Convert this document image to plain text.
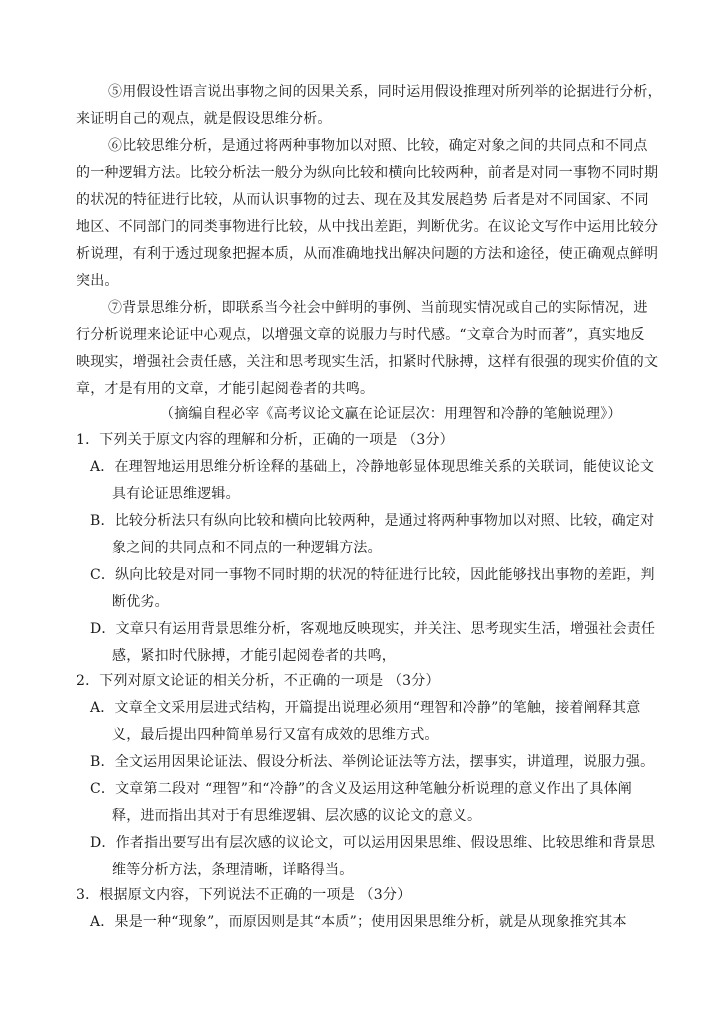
⑤用假设性语言说出事物之间的因果关系，同时运用假设推理对所列举的论据进行分析，
来证明自己的观点，就是假设思维分析。
⑥比较思维分析，是通过将两种事物加以对照、比较，确定对象之间的共同点和不同点
的一种逻辑方法。比较分析法一般分为纵向比较和横向比较两种，前者是对同一事物不同时期
的状况的特征进行比较，从而认识事物的过去、现在及其发展趋势 后者是对不同国家、不同
地区、不同部门的同类事物进行比较，从中找出差距，判断优劣。在议论文写作中运用比较分
析说理，有利于透过现象把握本质，从而准确地找出解决问题的方法和途径，使正确观点鲜明
突出。
⑦背景思维分析，即联系当今社会中鲜明的事例、当前现实情况或自己的实际情况，进
行分析说理来论证中心观点，以增强文章的说服力与时代感。“文章合为时而著”，真实地反
映现实，增强社会责任感，关注和思考现实生活，扣紧时代脉搏，这样有很强的现实价值的文
章，才是有用的文章，才能引起阅卷者的共鸣。
（摘编自程必宰《高考议论文赢在论证层次：用理智和冷静的笔触说理》）
1．下列关于原文内容的理解和分析，正确的一项是 （3分）
A．在理智地运用思维分析诠释的基础上，冷静地彰显体现思维关系的关联词，能使议论文
具有论证思维逻辑。
B．比较分析法只有纵向比较和横向比较两种，是通过将两种事物加以对照、比较，确定对
象之间的共同点和不同点的一种逻辑方法。
C．纵向比较是对同一事物不同时期的状况的特征进行比较，因此能够找出事物的差距，判
断优劣。
D．文章只有运用背景思维分析，客观地反映现实，并关注、思考现实生活，增强社会责任
感，紧扣时代脉搏，才能引起阅卷者的共鸣，
2．下列对原文论证的相关分析，不正确的一项是 （3分）
A．文章全文采用层进式结构，开篇提出说理必须用“理智和冷静”的笔触，接着阐释其意
义，最后提出四种简单易行又富有成效的思维方式。
B．全文运用因果论证法、假设分析法、举例论证法等方法，摆事实，讲道理，说服力强。
C．文章第二段对 “理智”和“冷静”的含义及运用这种笔触分析说理的意义作出了具体阐
释，进而指出其对于有思维逻辑、层次感的议论文的意义。
D．作者指出要写出有层次感的议论文，可以运用因果思维、假设思维、比较思维和背景思
维等分析方法，条理清晰，详略得当。
3．根据原文内容，下列说法不正确的一项是 （3分）
A．果是一种“现象”，而原因则是其“本质”；使用因果思维分析，就是从现象推究其本
